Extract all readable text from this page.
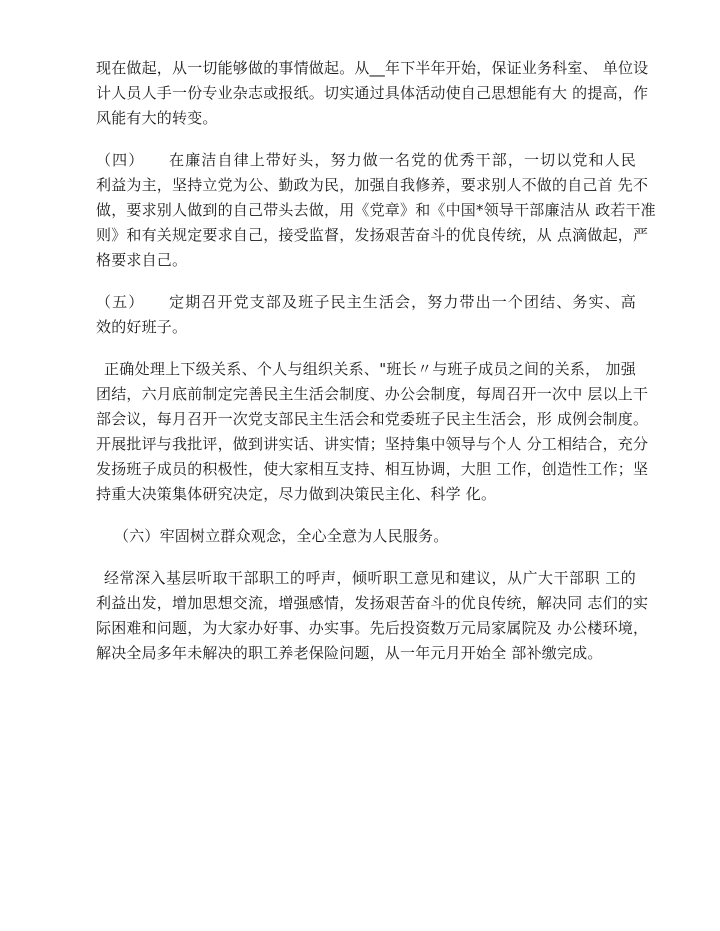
现在做起，从一切能够做的事情做起。从__年下半年开始，保证业务科室、 单位设
计人员人手一份专业杂志或报纸。切实通过具体活动使自己思想能有大 的提高，作
风能有大的转变。
（四）　　在廉洁自律上带好头，努力做一名党的优秀干部，一切以党和人民
利益为主，坚持立党为公、勤政为民，加强自我修养，要求别人不做的自己首 先不
做，要求别人做到的自己带头去做，用《党章》和《中国*领导干部廉洁从 政若干准
则》和有关规定要求自己，接受监督，发扬艰苦奋斗的优良传统，从 点滴做起，严
格要求自己。
（五）　　定期召开党支部及班子民主生活会，努力带出一个团结、务实、高
效的好班子。
正确处理上下级关系、个人与组织关系、"班长〃与班子成员之间的关系， 加强
团结，六月底前制定完善民主生活会制度、办公会制度，每周召开一次中 层以上干
部会议，每月召开一次党支部民主生活会和党委班子民主生活会，形 成例会制度。
开展批评与我批评，做到讲实话、讲实情；坚持集中领导与个人 分工相结合，充分
发扬班子成员的积极性，使大家相互支持、相互协调，大胆 工作，创造性工作；坚
持重大决策集体研究决定，尽力做到决策民主化、科学 化。
（六）牢固树立群众观念，全心全意为人民服务。
经常深入基层听取干部职工的呼声，倾听职工意见和建议，从广大干部职 工的
利益出发，增加思想交流，增强感情，发扬艰苦奋斗的优良传统，解决同 志们的实
际困难和问题，为大家办好事、办实事。先后投资数万元局家属院及 办公楼环境，
解决全局多年未解决的职工养老保险问题，从一年元月开始全 部补缴完成。
